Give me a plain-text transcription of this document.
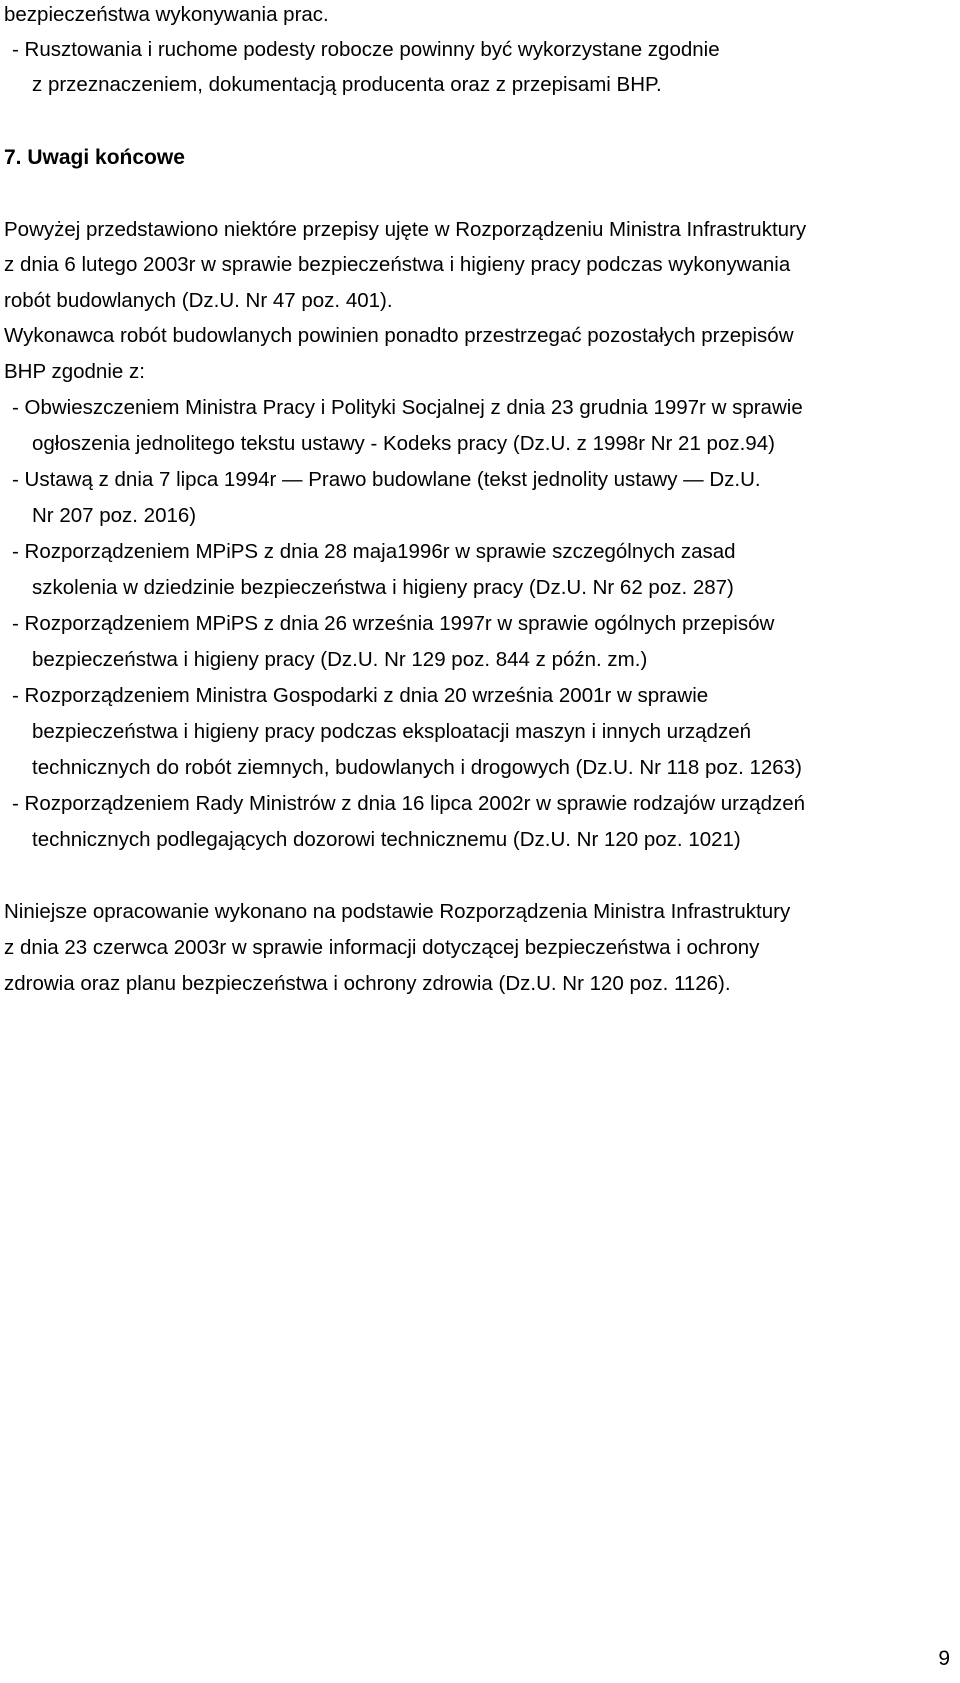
bezpieczeństwa wykonywania prac.
- Rusztowania i ruchome podesty robocze powinny być wykorzystane zgodnie
z przeznaczeniem, dokumentacją producenta oraz z przepisami BHP.
7. Uwagi końcowe
Powyżej przedstawiono niektóre przepisy ujęte w Rozporządzeniu Ministra Infrastruktury
z dnia 6 lutego 2003r w sprawie bezpieczeństwa i higieny pracy podczas wykonywania
robót budowlanych (Dz.U. Nr 47 poz. 401).
Wykonawca robót budowlanych powinien ponadto przestrzegać pozostałych przepisów
BHP zgodnie z:
- Obwieszczeniem Ministra Pracy i Polityki Socjalnej z dnia 23 grudnia 1997r w sprawie
ogłoszenia jednolitego tekstu ustawy - Kodeks pracy (Dz.U. z 1998r Nr 21 poz.94)
- Ustawą z dnia 7 lipca 1994r — Prawo budowlane (tekst jednolity ustawy — Dz.U.
Nr 207 poz. 2016)
- Rozporządzeniem MPiPS z dnia 28 maja1996r w sprawie szczególnych zasad
szkolenia w dziedzinie bezpieczeństwa i higieny pracy (Dz.U. Nr 62 poz. 287)
- Rozporządzeniem MPiPS z dnia 26 września 1997r w sprawie ogólnych przepisów
bezpieczeństwa i higieny pracy (Dz.U. Nr 129 poz. 844 z późn. zm.)
- Rozporządzeniem Ministra Gospodarki z dnia 20 września 2001r w sprawie
bezpieczeństwa i higieny pracy podczas eksploatacji maszyn i innych urządzeń
technicznych do robót ziemnych, budowlanych i drogowych (Dz.U. Nr 118 poz. 1263)
- Rozporządzeniem Rady Ministrów z dnia 16 lipca 2002r w sprawie rodzajów urządzeń
technicznych podlegających dozorowi technicznemu (Dz.U. Nr 120 poz. 1021)
Niniejsze opracowanie wykonano na podstawie Rozporządzenia Ministra Infrastruktury
z dnia 23 czerwca 2003r w sprawie informacji dotyczącej bezpieczeństwa i ochrony
zdrowia oraz planu bezpieczeństwa i ochrony zdrowia (Dz.U. Nr 120 poz. 1126).
9
